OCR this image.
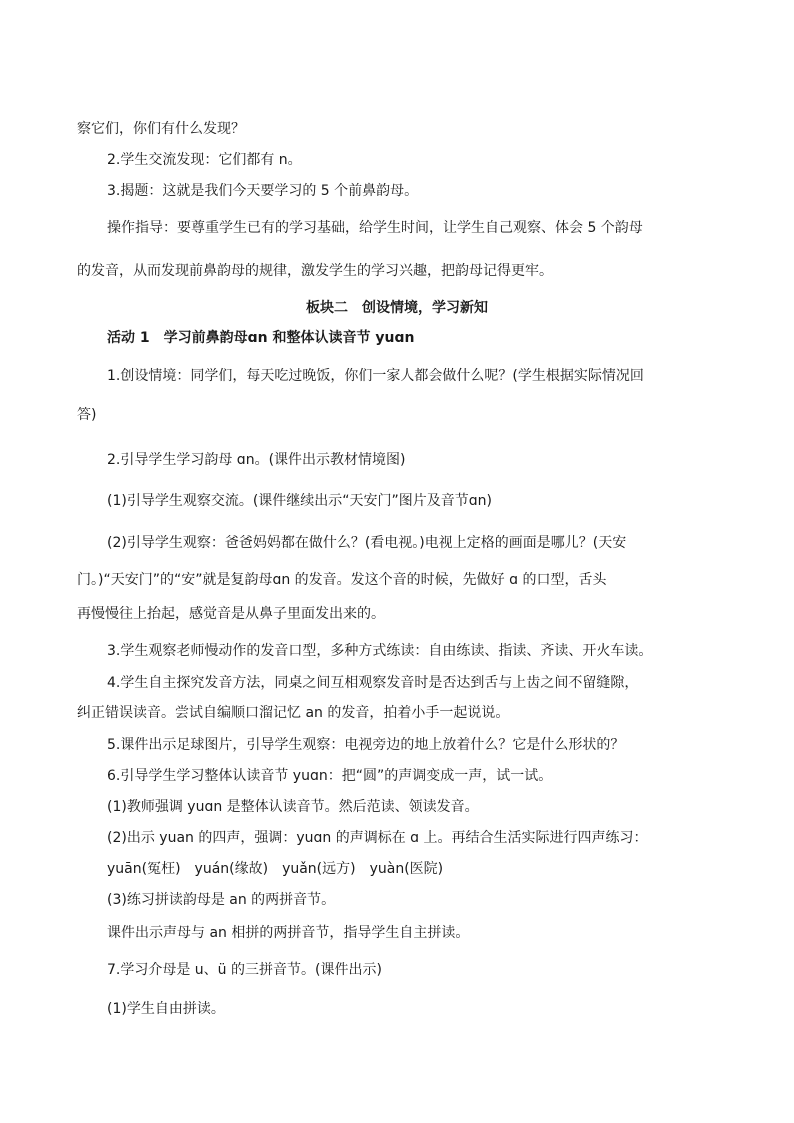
察它们，你们有什么发现？
2.学生交流发现：它们都有 n。
3.揭题：这就是我们今天要学习的 5 个前鼻韵母。
操作指导：要尊重学生已有的学习基础，给学生时间，让学生自己观察、体会 5 个韵母
的发音，从而发现前鼻韵母的规律，激发学生的学习兴趣，把韵母记得更牢。
板块二　创设情境，学习新知
活动 1　学习前鼻韵母ɑn 和整体认读音节 yuɑn
1.创设情境：同学们，每天吃过晚饭，你们一家人都会做什么呢？(学生根据实际情况回
答)
2.引导学生学习韵母 ɑn。(课件出示教材情境图)
(1)引导学生观察交流。(课件继续出示“天安门”图片及音节ɑn)
(2)引导学生观察：爸爸妈妈都在做什么？(看电视。)电视上定格的画面是哪儿？(天安
门。)“天安门”的“安”就是复韵母ɑn 的发音。发这个音的时候，先做好 ɑ 的口型，舌头
再慢慢往上抬起，感觉音是从鼻子里面发出来的。
3.学生观察老师慢动作的发音口型，多种方式练读：自由练读、指读、齐读、开火车读。
4.学生自主探究发音方法，同桌之间互相观察发音时是否达到舌与上齿之间不留缝隙，
纠正错误读音。尝试自编顺口溜记忆 an 的发音，拍着小手一起说说。
5.课件出示足球图片，引导学生观察：电视旁边的地上放着什么？它是什么形状的？
6.引导学生学习整体认读音节 yuɑn：把“圆”的声调变成一声，试一试。
(1)教师强调 yuɑn 是整体认读音节。然后范读、领读发音。
(2)出示 yuan 的四声，强调：yuɑn 的声调标在 ɑ 上。再结合生活实际进行四声练习：
yuān(冤枉)　yuán(缘故)　yuǎn(远方)　yuàn(医院)
(3)练习拼读韵母是 an 的两拼音节。
课件出示声母与 an 相拼的两拼音节，指导学生自主拼读。
7.学习介母是 u、ü 的三拼音节。(课件出示)
(1)学生自由拼读。
